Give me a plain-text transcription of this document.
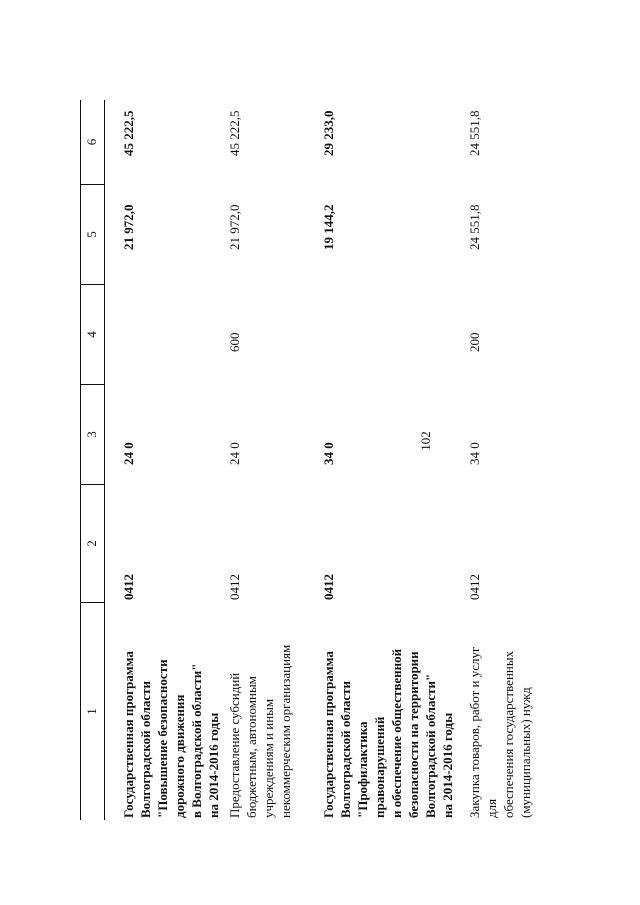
102
1
2
3
4
5
6
Государственная программа Волгоградской области "Повышение безопасности дорожного движения в Волгоградской области" на 2014-2016 годы
0412
24 0
21 972,0
45 222,5
Предоставление субсидий бюджетным, автономным учреждениям и иным некоммерческим организациям
0412
24 0
600
21 972,0
45 222,5
Государственная программа Волгоградской области "Профилактика правонарушений и обеспечение общественной безопасности на территории Волгоградской области" на 2014-2016 годы
0412
34 0
19 144,2
29 233,0
Закупка товаров, работ и услуг для обеспечения государственных (муниципальных) нужд
0412
34 0
200
24 551,8
24 551,8
